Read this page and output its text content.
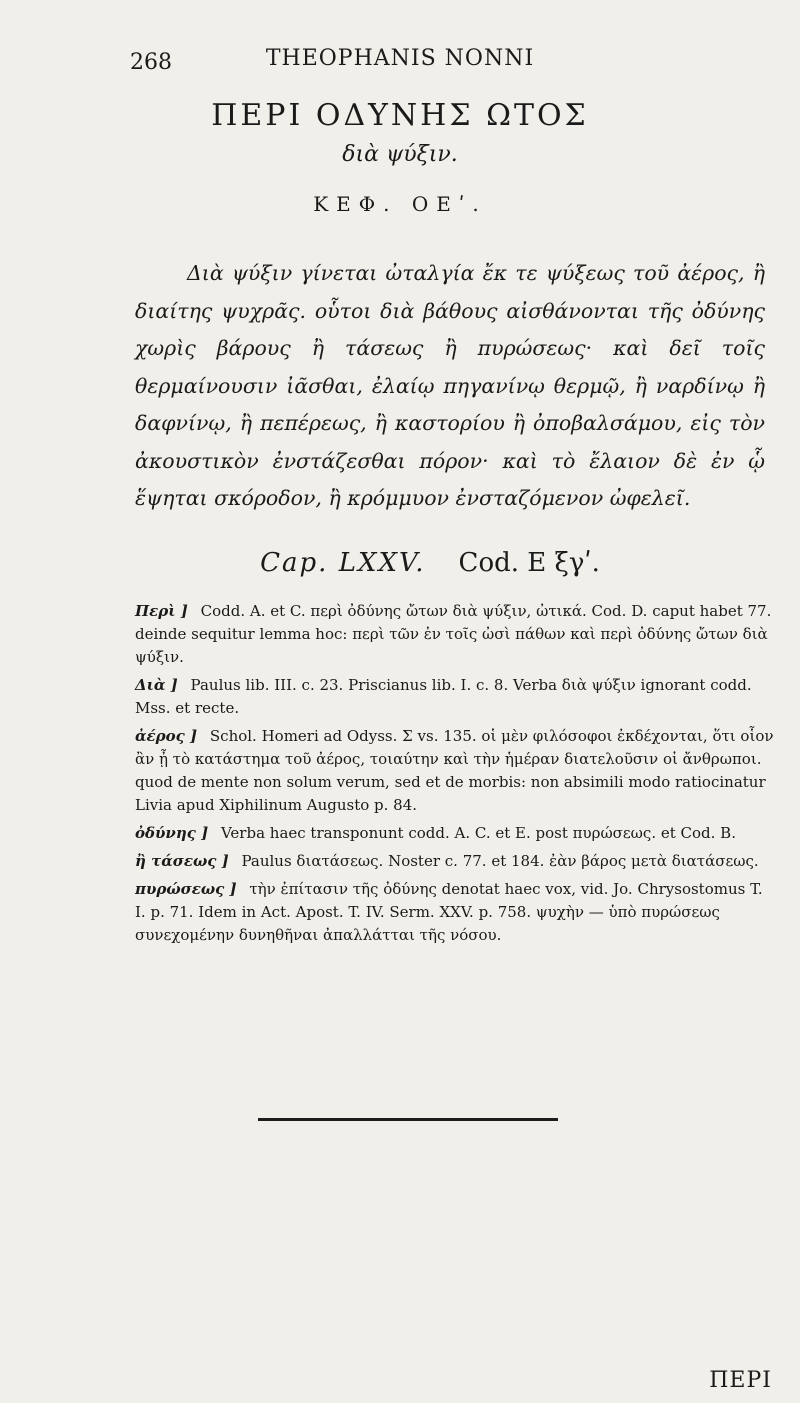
268	THEOPHANIS NONNI
ΠΕΡΙ ΟΔΥΝΗΣ ΩΤΟΣ
διὰ ψύξιν.
ΚΕΦ. ΟΕʹ.
Διὰ ψύξιν γίνεται ὠταλγία ἔκ τε ψύξεως τοῦ ἀέρος, ἢ διαίτης ψυχρᾶς. οὗτοι διὰ βάθους αἰσθάνονται τῆς ὀδύνης χωρὶς βάρους ἢ τάσεως ἢ πυρώσεως· καὶ δεῖ τοῖς θερμαίνουσιν ἰᾶσθαι, ἐλαίῳ πηγανίνῳ θερμῷ, ἢ ναρδίνῳ ἢ δαφνίνῳ, ἢ πεπέρεως, ἢ καστορίου ἢ ὀποβαλσάμου, εἰς τὸν ἀκουστικὸν ἐνστάζεσθαι πόρον· καὶ τὸ ἔλαιον δὲ ἐν ᾧ ἕψηται σκόροδον, ἢ κρόμμυον ἐνσταζόμενον ὠφελεῖ.
Cap. LXXV. Cod. E ξγʹ.
Περὶ ] Codd. A. et C. περὶ ὀδύνης ὤτων διὰ ψύξιν, ὠτικά. Cod. D. caput habet 77. deinde sequitur lemma hoc: περὶ τῶν ἐν τοῖς ὠσὶ πάθων καὶ περὶ ὀδύνης ὤτων διὰ ψύξιν.
Διὰ ] Paulus lib. III. c. 23. Priscianus lib. I. c. 8. Verba διὰ ψύξιν ignorant codd. Mss. et recte.
ἀέρος ] Schol. Homeri ad Odyss. Σ vs. 135. οἱ μὲν φιλόσοφοι ἐκδέχονται, ὅτι οἷον ἂν ᾖ τὸ κατάστημα τοῦ ἀέρος, τοιαύτην καὶ τὴν ἡμέραν διατελοῦσιν οἱ ἄνθρωποι. quod de mente non solum verum, sed et de morbis: non absimili modo ratiocinatur Livia apud Xiphilinum Augusto p. 84.
ὀδύνης ] Verba haec transponunt codd. A. C. et E. post πυρώσεως. et Cod. B.
ἢ τάσεως ] Paulus διατάσεως. Noster c. 77. et 184. ἐὰν βάρος μετὰ διατάσεως.
πυρώσεως ] τὴν ἐπίτασιν τῆς ὀδύνης denotat haec vox, vid. Jo. Chrysostomus T. I. p. 71. Idem in Act. Apost. T. IV. Serm. XXV. p. 758. ψυχὴν — ὑπὸ πυρώσεως συνεχομένην δυνηθῆναι ἀπαλλάτται τῆς νόσου.
ΠΕΡΙ
